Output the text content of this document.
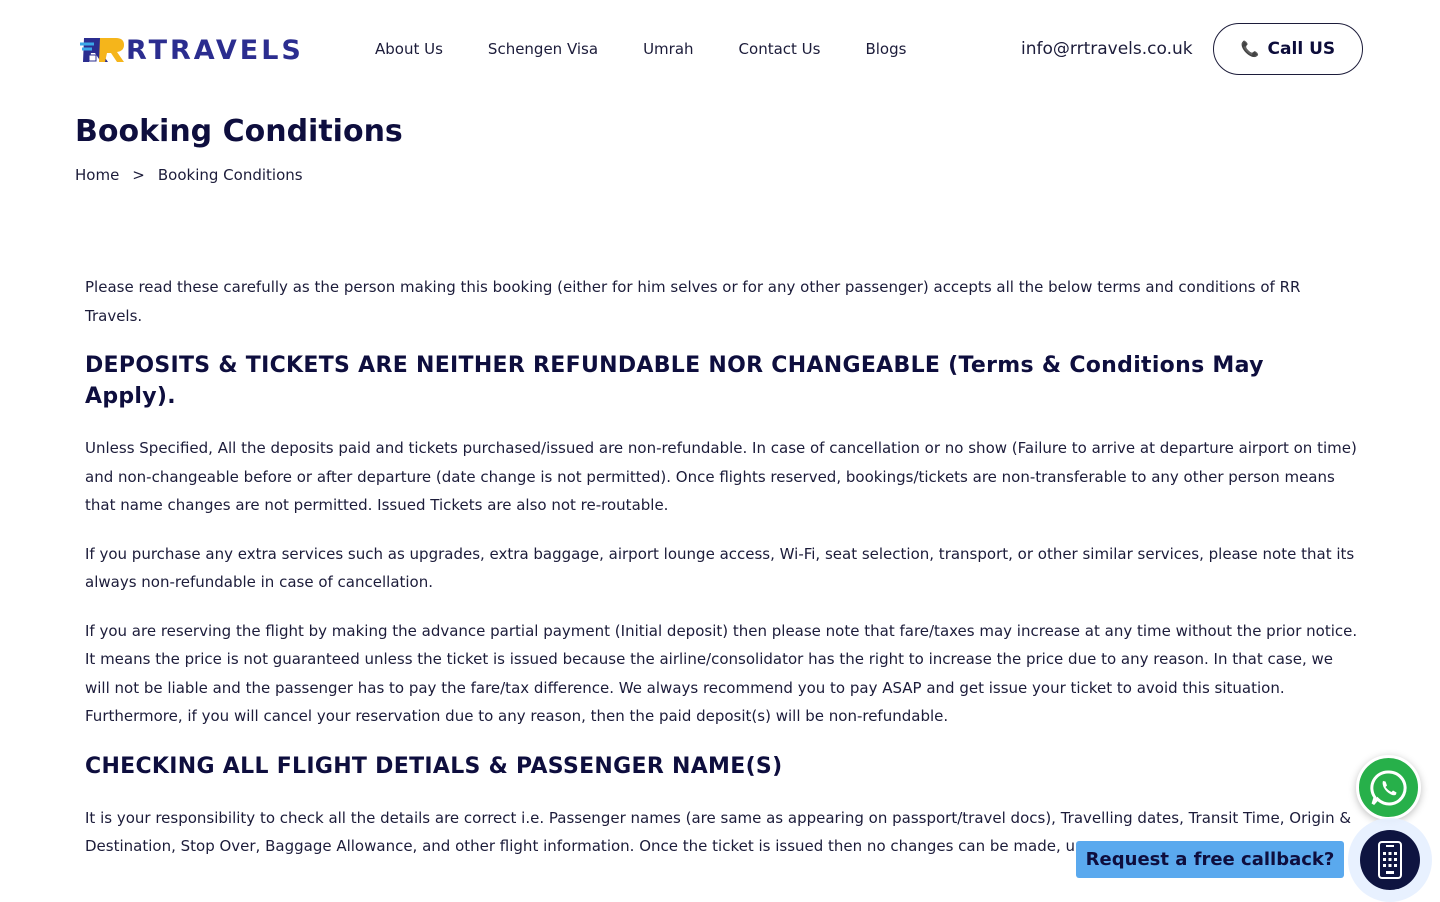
RTRAVELS	About Us	Schengen Visa	Umrah	Contact Us	Blogs	info@rrtravels.co.uk	📞 Call US
Booking Conditions
Home > Booking Conditions

Please read these carefully as the person making this booking (either for him selves or for any other passenger) accepts all the below terms and conditions of RR Travels.

DEPOSITS & TICKETS ARE NEITHER REFUNDABLE NOR CHANGEABLE (Terms & Conditions May Apply).

Unless Specified, All the deposits paid and tickets purchased/issued are non-refundable. In case of cancellation or no show (Failure to arrive at departure airport on time) and non-changeable before or after departure (date change is not permitted). Once flights reserved, bookings/tickets are non-transferable to any other person means that name changes are not permitted. Issued Tickets are also not re-routable.

If you purchase any extra services such as upgrades, extra baggage, airport lounge access, Wi-Fi, seat selection, transport, or other similar services, please note that its always non-refundable in case of cancellation.

If you are reserving the flight by making the advance partial payment (Initial deposit) then please note that fare/taxes may increase at any time without the prior notice. It means the price is not guaranteed unless the ticket is issued because the airline/consolidator has the right to increase the price due to any reason. In that case, we will not be liable and the passenger has to pay the fare/tax difference. We always recommend you to pay ASAP and get issue your ticket to avoid this situation. Furthermore, if you will cancel your reservation due to any reason, then the paid deposit(s) will be non-refundable.

CHECKING ALL FLIGHT DETIALS & PASSENGER NAME(S)

It is your responsibility to check all the details are correct i.e. Passenger names (are same as appearing on passport/travel docs), Travelling dates, Transit Time, Origin & Destination, Stop Over, Baggage Allowance, and other flight information. Once the ticket is issued then no changes can be made, u

Request a free callback?
